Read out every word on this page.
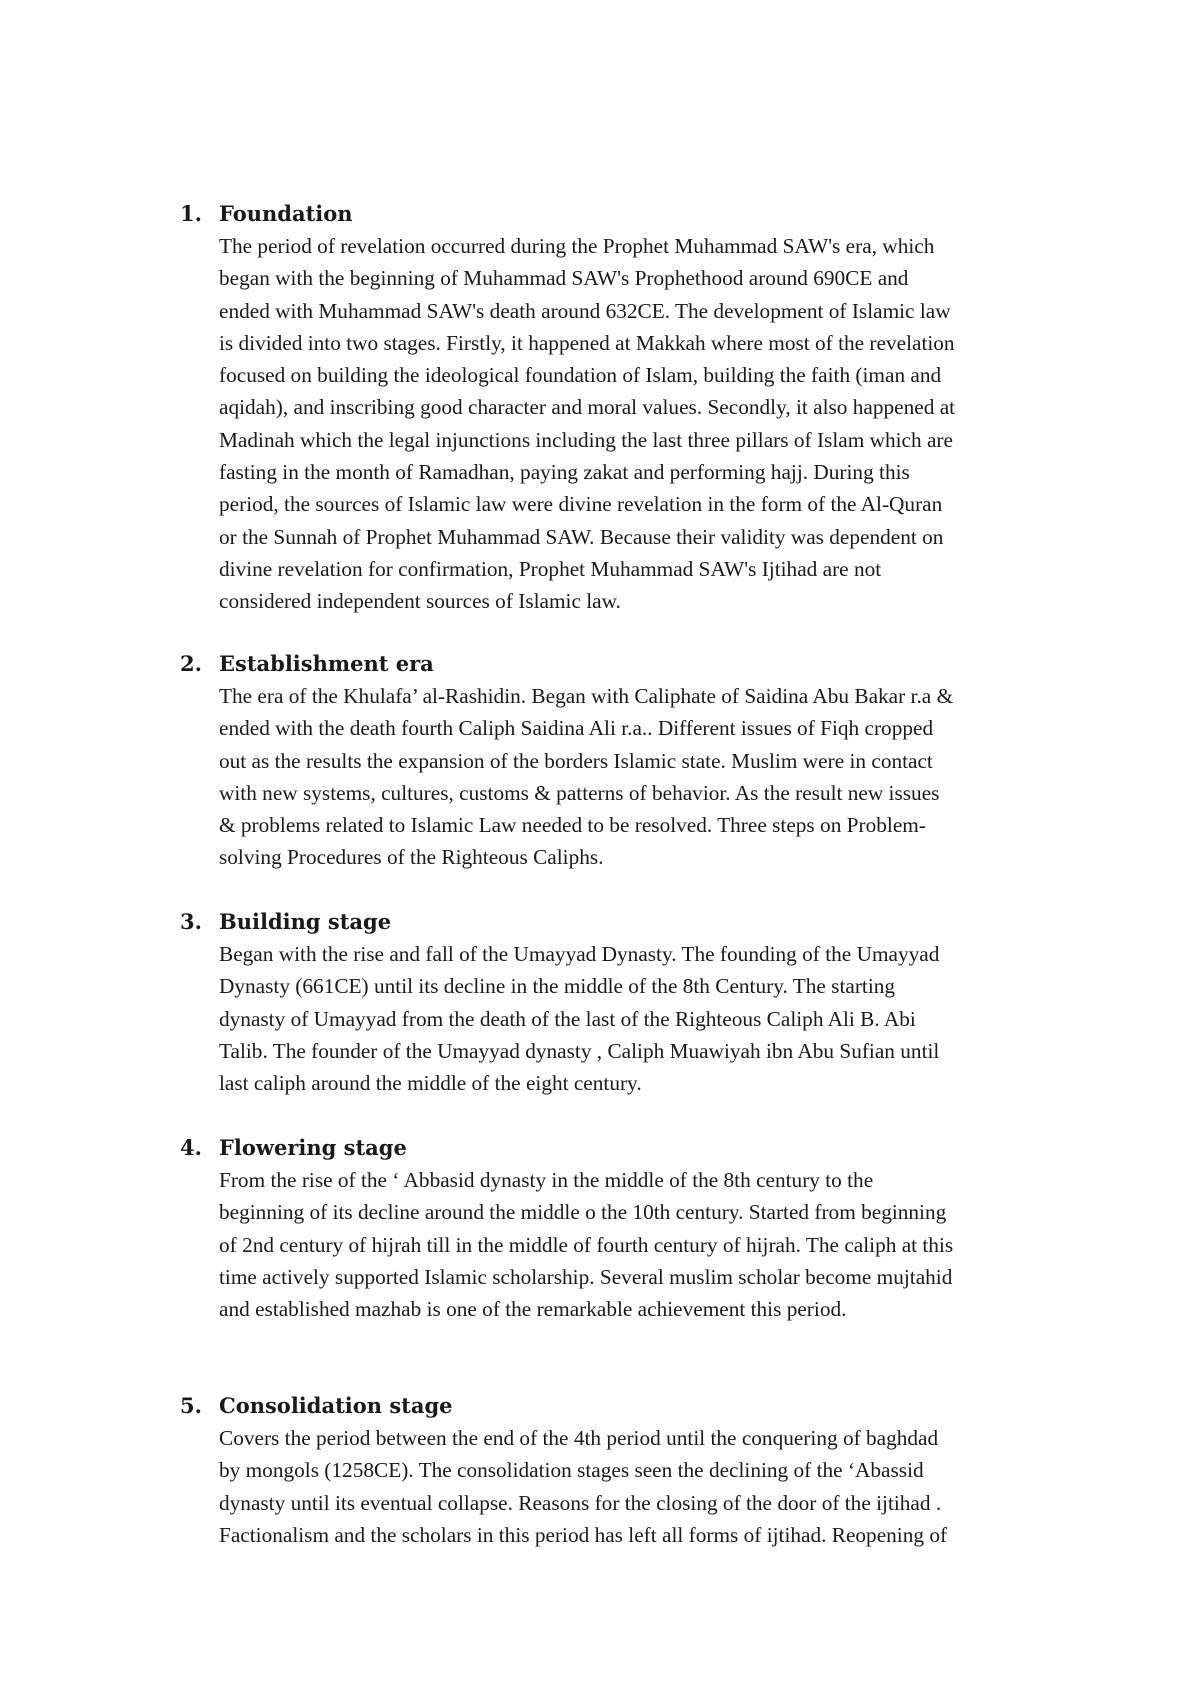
1. Foundation
The period of revelation occurred during the Prophet Muhammad SAW's era, which
began with the beginning of Muhammad SAW's Prophethood around 690CE and
ended with Muhammad SAW's death around 632CE. The development of Islamic law
is divided into two stages. Firstly, it happened at Makkah where most of the revelation
focused on building the ideological foundation of Islam, building the faith (iman and
aqidah), and inscribing good character and moral values. Secondly, it also happened at
Madinah which the legal injunctions including the last three pillars of Islam which are
fasting in the month of Ramadhan, paying zakat and performing hajj. During this
period, the sources of Islamic law were divine revelation in the form of the Al-Quran
or the Sunnah of Prophet Muhammad SAW. Because their validity was dependent on
divine revelation for confirmation, Prophet Muhammad SAW's Ijtihad are not
considered independent sources of Islamic law.
2. Establishment era
The era of the Khulafa’ al-Rashidin. Began with Caliphate of Saidina Abu Bakar r.a &
ended with the death fourth Caliph Saidina Ali r.a.. Different issues of Fiqh cropped
out as the results the expansion of the borders Islamic state. Muslim were in contact
with new systems, cultures, customs & patterns of behavior. As the result new issues
& problems related to Islamic Law needed to be resolved. Three steps on Problem-
solving Procedures of the Righteous Caliphs.
3. Building stage
Began with the rise and fall of the Umayyad Dynasty. The founding of the Umayyad
Dynasty (661CE) until its decline in the middle of the 8th Century. The starting
dynasty of Umayyad from the death of the last of the Righteous Caliph Ali B. Abi
Talib. The founder of the Umayyad dynasty , Caliph Muawiyah ibn Abu Sufian until
last caliph around the middle of the eight century.
4. Flowering stage
From the rise of the ‘ Abbasid dynasty in the middle of the 8th century to the
beginning of its decline around the middle o the 10th century. Started from beginning
of 2nd century of hijrah till in the middle of fourth century of hijrah. The caliph at this
time actively supported Islamic scholarship. Several muslim scholar become mujtahid
and established mazhab is one of the remarkable achievement this period.
5. Consolidation stage
Covers the period between the end of the 4th period until the conquering of baghdad
by mongols (1258CE). The consolidation stages seen the declining of the ‘Abassid
dynasty until its eventual collapse. Reasons for the closing of the door of the ijtihad .
Factionalism and the scholars in this period has left all forms of ijtihad. Reopening of
